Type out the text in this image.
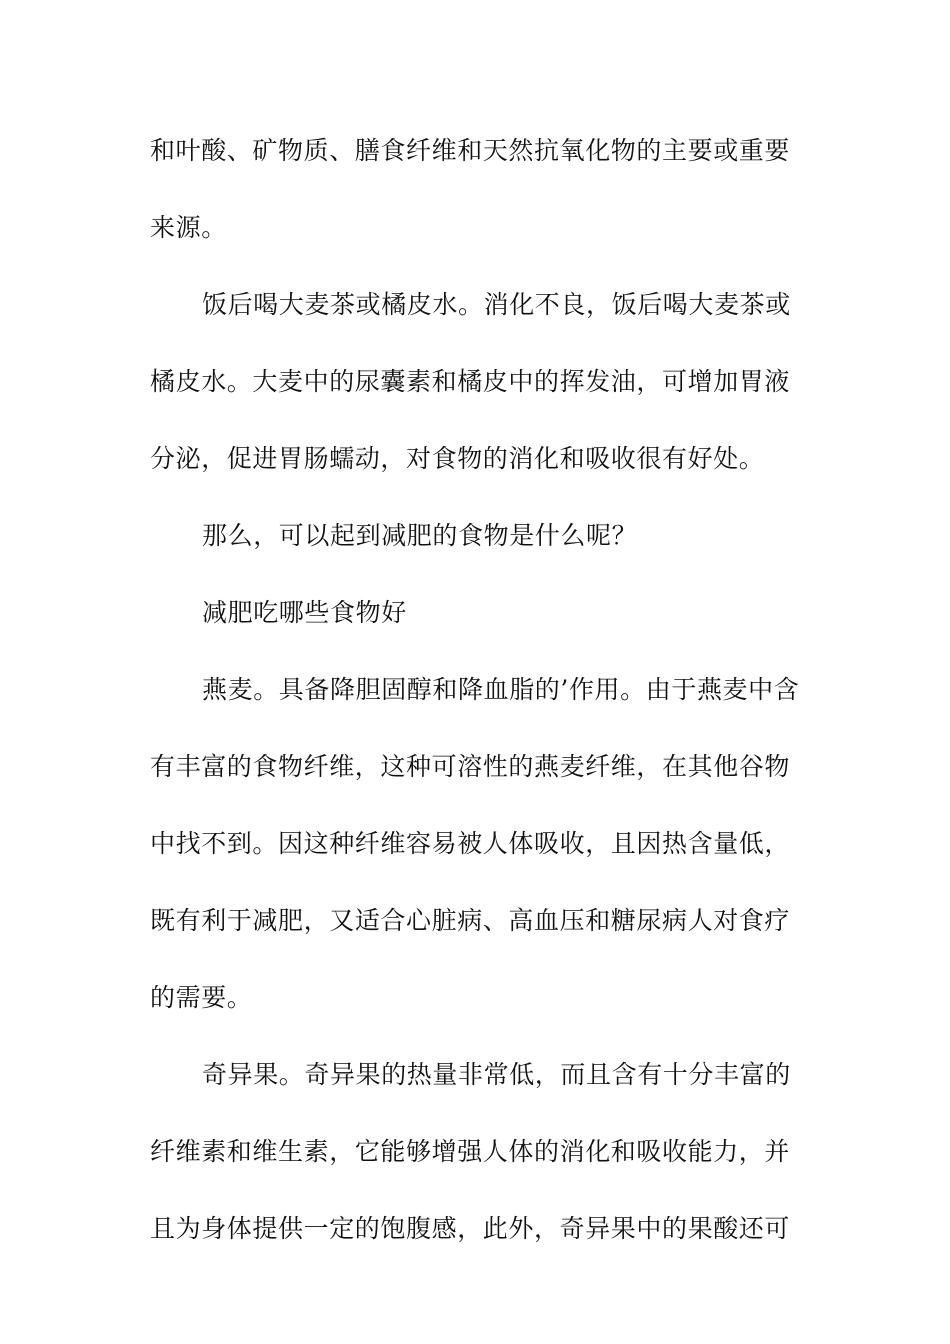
和叶酸、矿物质、膳食纤维和天然抗氧化物的主要或重要
来源。
饭后喝大麦茶或橘皮水。消化不良，饭后喝大麦茶或
橘皮水。大麦中的尿囊素和橘皮中的挥发油，可增加胃液
分泌，促进胃肠蠕动，对食物的消化和吸收很有好处。
那么，可以起到减肥的食物是什么呢？
减肥吃哪些食物好
燕麦。具备降胆固醇和降血脂的’作用。由于燕麦中含
有丰富的食物纤维，这种可溶性的燕麦纤维，在其他谷物
中找不到。因这种纤维容易被人体吸收，且因热含量低，
既有利于减肥，又适合心脏病、高血压和糖尿病人对食疗
的需要。
奇异果。奇异果的热量非常低，而且含有十分丰富的
纤维素和维生素，它能够增强人体的消化和吸收能力，并
且为身体提供一定的饱腹感，此外，奇异果中的果酸还可
